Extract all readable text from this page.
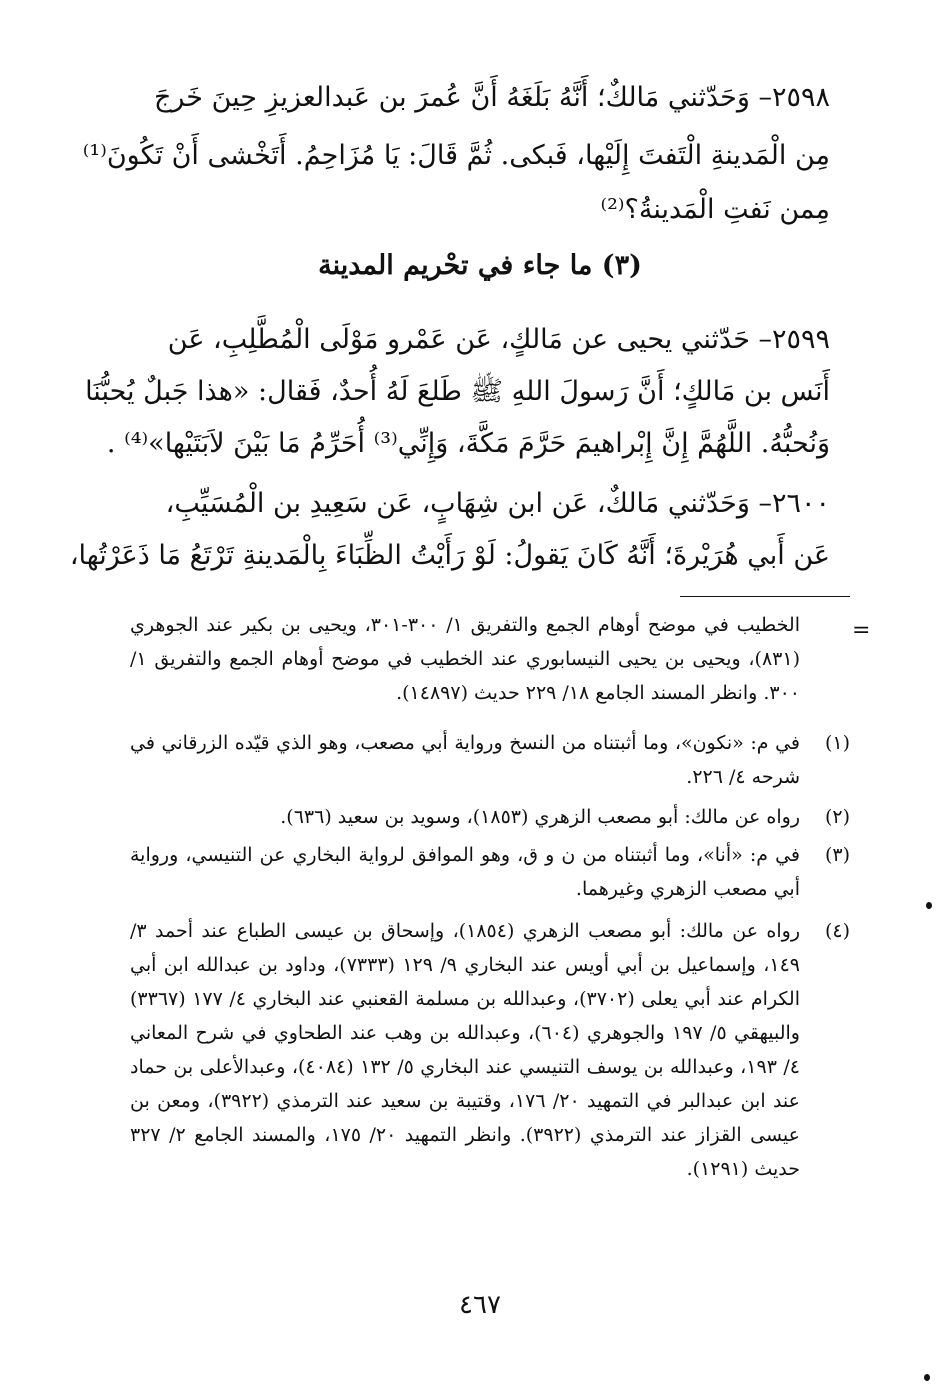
٢٥٩٨– وَحَدّثني مَالكٌ؛ أَنَّهُ بَلَغَهُ أَنَّ عُمرَ بن عَبدالعزيزِ حِينَ خَرجَ
مِن الْمَدينةِ الْتَفتَ إِلَيْها، فَبكى. ثُمَّ قَالَ: يَا مُزَاحِمُ. أَتَخْشى أَنْ تَكُونَ⁽¹⁾
مِمن نَفتِ الْمَدينةُ؟⁽²⁾
(٣) ما جاء في تحْريم المدينة
٢٥٩٩– حَدّثني يحيى عن مَالكٍ، عَن عَمْرو مَوْلَى الْمُطَّلِبِ، عَن
أَنَس بن مَالكٍ؛ أَنَّ رَسولَ اللهِ ﷺ طَلعَ لَهُ أُحدٌ، فَقال: «هذا جَبلٌ يُحبُّنَا
وَنُحبُّهُ. اللَّهُمَّ إِنَّ إِبْراهيمَ حَرَّمَ مَكَّةَ، وَإِنِّي⁽³⁾ أُحَرِّمُ مَا بَيْنَ لاَبَتَيْها»⁽⁴⁾ .
٢٦٠٠– وَحَدّثني مَالكٌ، عَن ابن شِهَابٍ، عَن سَعِيدِ بن الْمُسَيِّبِ،
عَن أَبي هُرَيْرةَ؛ أَنَّهُ كَانَ يَقولُ: لَوْ رَأَيْتُ الظِّبَاءَ بِالْمَدينةِ تَرْتَعُ مَا ذَعَرْتُها،
=
الخطيب في موضح أوهام الجمع والتفريق ١/ ٣٠٠-٣٠١، ويحيى بن بكير عند الجوهري (٨٣١)، ويحيى بن يحيى النيسابوري عند الخطيب في موضح أوهام الجمع والتفريق ١/ ٣٠٠. وانظر المسند الجامع ١٨/ ٢٢٩ حديث (١٤٨٩٧).
(١)
في م: «نكون»، وما أثبتناه من النسخ ورواية أبي مصعب، وهو الذي قيّده الزرقاني في شرحه ٤/ ٢٢٦.
(٢)
رواه عن مالك: أبو مصعب الزهري (١٨٥٣)، وسويد بن سعيد (٦٣٦).
(٣)
في م: «أنا»، وما أثبتناه من ن و ق، وهو الموافق لرواية البخاري عن التنيسي، ورواية أبي مصعب الزهري وغيرهما.
(٤)
رواه عن مالك: أبو مصعب الزهري (١٨٥٤)، وإسحاق بن عيسى الطباع عند أحمد ٣/ ١٤٩، وإسماعيل بن أبي أويس عند البخاري ٩/ ١٢٩ (٧٣٣٣)، وداود بن عبدالله ابن أبي الكرام عند أبي يعلى (٣٧٠٢)، وعبدالله بن مسلمة القعنبي عند البخاري ٤/ ١٧٧ (٣٣٦٧) والبيهقي ٥/ ١٩٧ والجوهري (٦٠٤)، وعبدالله بن وهب عند الطحاوي في شرح المعاني ٤/ ١٩٣، وعبدالله بن يوسف التنيسي عند البخاري ٥/ ١٣٢ (٤٠٨٤)، وعبدالأعلى بن حماد عند ابن عبدالبر في التمهيد ٢٠/ ١٧٦، وقتيبة بن سعيد عند الترمذي (٣٩٢٢)، ومعن بن عيسى القزاز عند الترمذي (٣٩٢٢). وانظر التمهيد ٢٠/ ١٧٥، والمسند الجامع ٢/ ٣٢٧ حديث (١٢٩١).
٤٦٧
